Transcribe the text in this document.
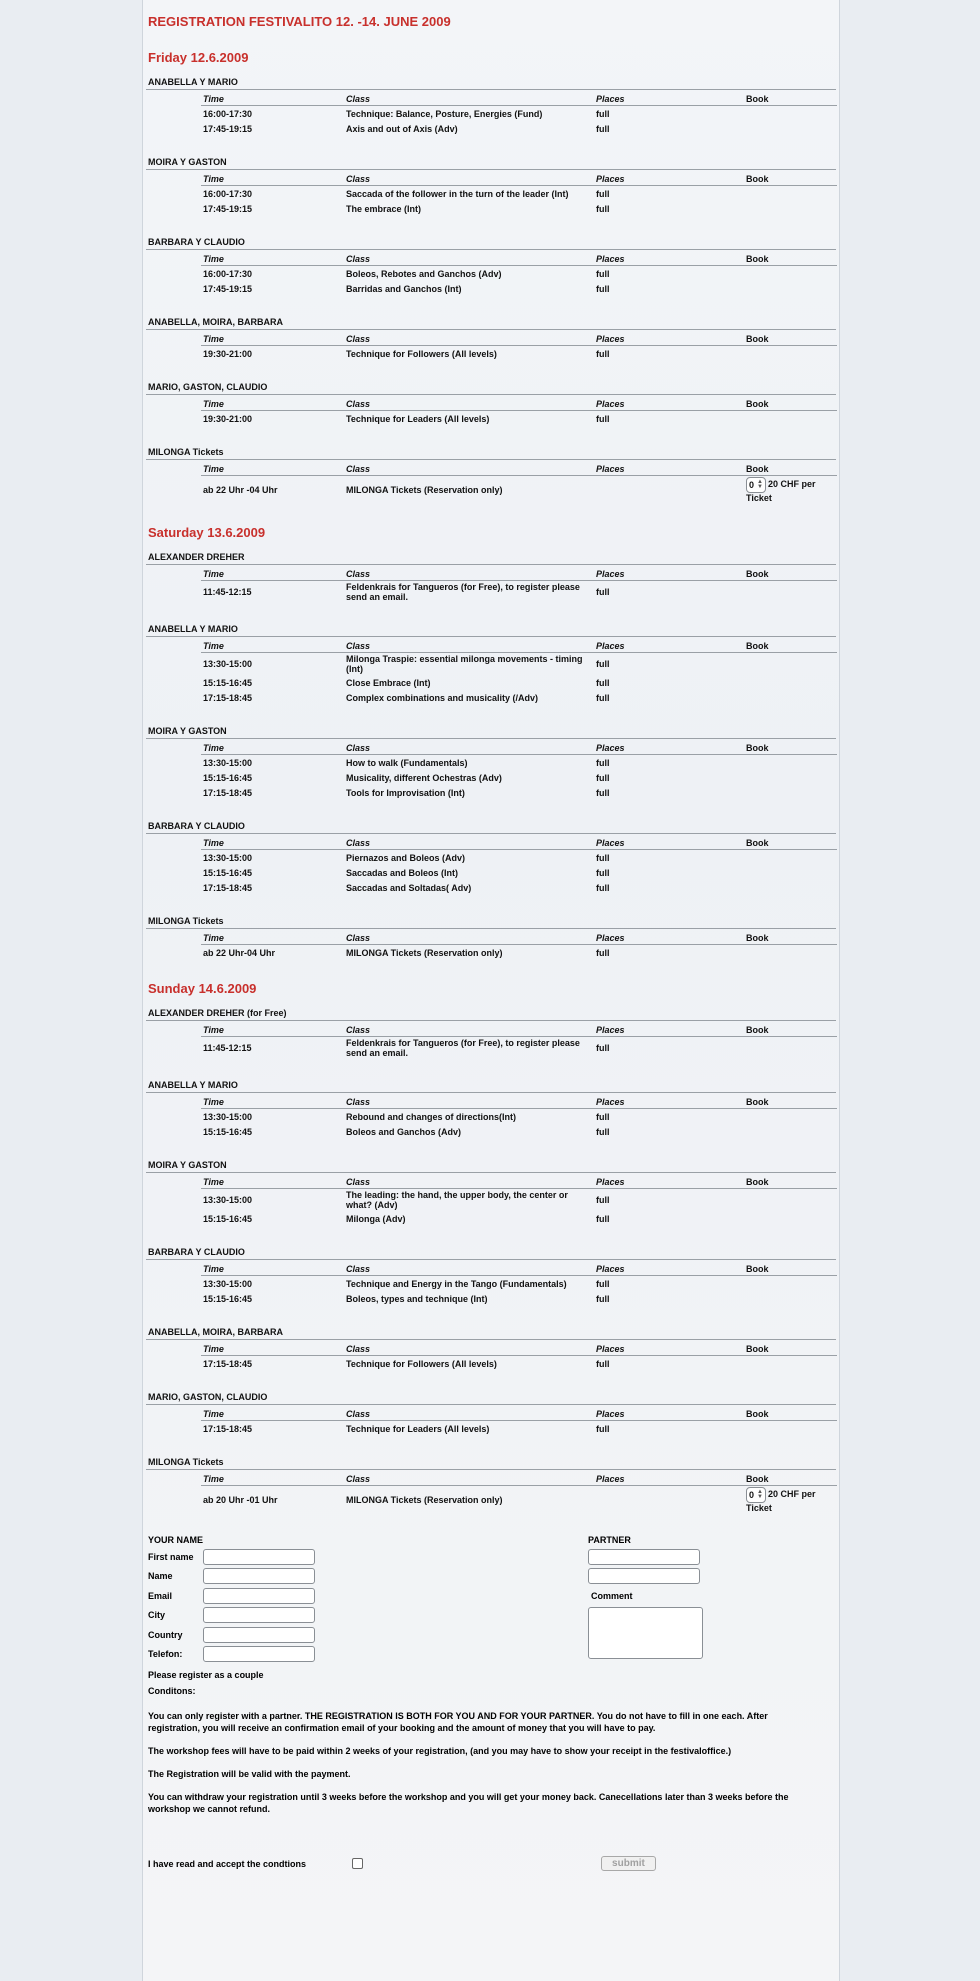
REGISTRATION FESTIVALITO 12. -14. JUNE 2009
Friday 12.6.2009
ANABELLA Y MARIO
Time	Class	Places	Book
16:00-17:30	Technique: Balance, Posture, Energies (Fund)	full	
17:45-19:15	Axis and out of Axis (Adv)	full	
MOIRA Y GASTON
Time	Class	Places	Book
16:00-17:30	Saccada of the follower in the turn of the leader (Int)	full	
17:45-19:15	The embrace (Int)	full	
BARBARA Y CLAUDIO
Time	Class	Places	Book
16:00-17:30	Boleos, Rebotes and Ganchos (Adv)	full	
17:45-19:15	Barridas and Ganchos (Int)	full	
ANABELLA, MOIRA, BARBARA
Time	Class	Places	Book
19:30-21:00	Technique for Followers (All levels)	full	
MARIO, GASTON, CLAUDIO
Time	Class	Places	Book
19:30-21:00	Technique for Leaders (All levels)	full	
MILONGA Tickets
Time	Class	Places	Book
ab 22 Uhr -04 Uhr	MILONGA Tickets (Reservation only)		0 ▲
▼ 20 CHF per Ticket
Saturday 13.6.2009
ALEXANDER DREHER
Time	Class	Places	Book
11:45-12:15	Feldenkrais for Tangueros (for Free), to register please send an email.	full	
ANABELLA Y MARIO
Time	Class	Places	Book
13:30-15:00	Milonga Traspie: essential milonga movements - timing (Int)	full	
15:15-16:45	Close Embrace (Int)	full	
17:15-18:45	Complex combinations and musicality (/Adv)	full	
MOIRA Y GASTON
Time	Class	Places	Book
13:30-15:00	How to walk (Fundamentals)	full	
15:15-16:45	Musicality, different Ochestras (Adv)	full	
17:15-18:45	Tools for Improvisation (Int)	full	
BARBARA Y CLAUDIO
Time	Class	Places	Book
13:30-15:00	Piernazos and Boleos (Adv)	full	
15:15-16:45	Saccadas and Boleos (Int)	full	
17:15-18:45	Saccadas and Soltadas( Adv)	full	
MILONGA Tickets
Time	Class	Places	Book
ab 22 Uhr-04 Uhr	MILONGA Tickets (Reservation only)	full	
Sunday 14.6.2009
ALEXANDER DREHER (for Free)
Time	Class	Places	Book
11:45-12:15	Feldenkrais for Tangueros (for Free), to register please send an email.	full	
ANABELLA Y MARIO
Time	Class	Places	Book
13:30-15:00	Rebound and changes of directions(Int)	full	
15:15-16:45	Boleos and Ganchos (Adv)	full	
MOIRA Y GASTON
Time	Class	Places	Book
13:30-15:00	The leading: the hand, the upper body, the center or what? (Adv)	full	
15:15-16:45	Milonga (Adv)	full	
BARBARA Y CLAUDIO
Time	Class	Places	Book
13:30-15:00	Technique and Energy in the Tango (Fundamentals)	full	
15:15-16:45	Boleos, types and technique (Int)	full	
ANABELLA, MOIRA, BARBARA
Time	Class	Places	Book
17:15-18:45	Technique for Followers (All levels)	full	
MARIO, GASTON, CLAUDIO
Time	Class	Places	Book
17:15-18:45	Technique for Leaders (All levels)	full	
MILONGA Tickets
Time	Class	Places	Book
ab 20 Uhr -01 Uhr	MILONGA Tickets (Reservation only)		0 ▲
▼ 20 CHF per Ticket
YOUR NAME
First name
Name
Email
City
Country
Telefon:
PARTNER
Comment
Please register as a couple
Conditons:
You can only register with a partner. THE REGISTRATION IS BOTH FOR YOU AND FOR YOUR PARTNER. You do not have to fill in one each. After registration, you will receive an confirmation email of your booking and the amount of money that you will have to pay.
The workshop fees will have to be paid within 2 weeks of your registration, (and you may have to show your receipt in the festivaloffice.)
The Registration will be valid with the payment.
You can withdraw your registration until 3 weeks before the workshop and you will get your money back. Canecellations later than 3 weeks before the workshop we cannot refund.
I have read and accept the condtions	submit
